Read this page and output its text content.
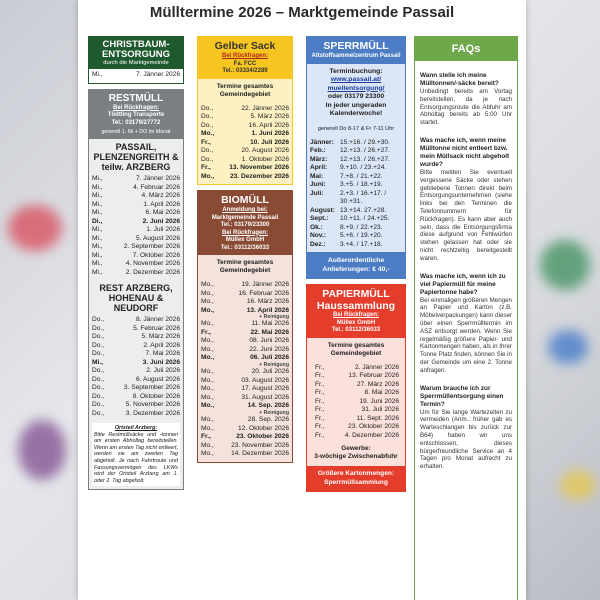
Mülltermine 2026 – Marktgemeinde Passail
CHRISTBAUM-
ENTSORGUNG
durch die Marktgemeinde
Mi.,	7. Jänner 2026
RESTMÜLL
Bei Rückfragen:
Tödtling Transporte
Tel.: 03179/27772
generell 1. Mi + DO im Monat
PASSAIL, PLENZENGREITH & teilw. ARZBERG
Mi.,	7. Jänner 2026
Mi.,	4. Februar 2026
Mi.,	4. März 2026
Mi.,	1. April 2026
Mi.,	6. Mai 2026
Di.,	2. Juni 2026
Mi.,	1. Juli 2026
Mi.,	5. August 2026
Mi.,	2. September 2026
Mi.,	7. Oktober 2026
Mi.,	4. November 2026
Mi.,	2. Dezember 2026
REST ARZBERG, HOHENAU & NEUDORF
Do.,	8. Jänner 2026
Do.,	5. Februar 2026
Do.,	5. März 2026
Do.,	2. April 2026
Do.,	7. Mai 2026
Mi.,	3. Juni 2026
Do.,	2. Juli 2026
Do.,	6. August 2026
Do.,	3. September 2026
Do.,	8. Oktober 2026
Do.,	5. November 2026
Do.,	3. Dezember 2026
Ortsteil Arzberg:
Bitte Restmüllsäcke und -tonnen am ersten Abholtag bereitstellen. Wenn am ersten Tag nicht entleert, werden sie am zweiten Tag abgeholt. Je nach Fahrtroute und Fassungsvermögen des LKWs wird der Ortsteil Arzberg am 1. oder 2. Tag abgeholt.
Gelber Sack
Bei Rückfragen:
Fa. FCC
Tel.: 03334/2289
Termine gesamtes Gemeindegebiet
Do.,	22. Jänner 2026
Do.,	5. März 2026
Do.,	16. April 2026
Mo.,	1. Juni 2026
Fr.,	10. Juli 2026
Do.,	20. August 2026
Do.,	1. Oktober 2026
Fr.,	13. November 2026
Mo., 23. Dezember 2026
BIOMÜLL
Anmeldung bei:
Marktgemeinde Passail
Tel.: 03179/23300
Bei Rückfragen:
Müllex GmbH
Tel.: 03112/36033
Termine gesamtes Gemeindegebiet
Mo.,	19. Jänner 2026
Mo.,	16. Februar 2026
Mo.,	16. März 2026
Mo.,	13. April 2026
+ Reinigung
Mo.,	11. Mai 2026
Fr.,	22. Mai 2026
Mo.,	08. Juni 2026
Mo.,	22. Juni 2026
Mo.,	06. Juli 2026
+ Reinigung
Mo.,	20. Juli 2026
Mo.,	03. August 2026
Mo.,	17. August 2026
Mo.,	31. August 2026
Mo.,	14. Sep. 2026
+ Reinigung
Mo.,	28. Sep. 2026
Mo.,	12. Oktober 2026
Fr.,	23. Oktober 2026
Mo.,	23. November 2026
Mo.,	14. Dezember 2026
SPERRMÜLL
Altstoffsammelzentrum Passail
Terminbuchung:
www.passail.at/
muellentsorgung/
oder 03179 23300
In jeder ungeraden Kalenderwoche!
generell Do 8-17 & Fr 7-11 Uhr
Jänner: 15.+16. / 29.+30.
Feb.:	12.+13. / 26.+27.
März:	12.+13. / 26.+27.
April:	9.+10. / 23.+24.
Mai:	7.+8. / 21.+22.
Juni:	3.+5. / 18.+19.
Juli:	2.+3. / 16.+17. / 30.+31.
August: 13.+14. 27.+28.
Sept.:	10.+11. / 24.+25.
Ok.:	8.+9. / 22.+23.
Nov.:	5.+6. / 19.+20.
Dez.:	3.+4. / 17.+18.
Außerordentliche Anlieferungen: € 40,-
PAPIERMÜLL
Haussammlung
Bei Rückfragen:
Müllex GmbH
Tel.: 03112/36033
Termine gesamtes Gemeindegebiet
Fr.,	2. Jänner 2026
Fr.,	13. Februar 2026
Fr.,	27. März 2026
Fr.,	8. Mai 2026
Fr.,	19. Juni 2026
Fr.,	31. Juli 2026
Fr.,	11. Sept. 2026
Fr.,	23. Oktober 2026
Fr.,	4. Dezember 2026
Gewerbe:
3-wöchige Zwischenabfuhr
Größere Kartonmengen: Sperrmüllsammlung
FAQs
Wann stelle ich meine Mülltonnen/-säcke bereit?
Unbedingt bereits am Vortag bereitstellen, da je nach Entsorgungsroute die Abfuhr am Abholtag bereits ab 5:00 Uhr startet.
Was mache ich, wenn meine Mülltonne nicht entleert bzw. mein Müllsack nicht abgeholt wurde?
Bitte melden Sie eventuell vergessene Säcke oder stehen gebliebene Tonnen direkt beim Entsorgungsunternehmen (siehe links bei den Terminen die Telefonnummern für Rückfragen). Es kann aber auch sein, dass die Entsorgungsfirma diese aufgrund von Fehlwürfen stehen gelassen hat oder sie nicht rechtzeitig bereitgestellt waren.
Was mache ich, wenn ich zu viel Papiermüll für meine Papiertonne habe?
Bei einmaligen größeren Mengen an Papier und Karton (z.B. Möbelverpackungen) kann dieser über einen Sperrmülltermin im ASZ entsorgt werden. Wenn Sie regelmäßig größere Papier- und Kartonmengen haben, als in Ihrer Tonne Platz finden, können Sie in der Gemeinde um eine 2. Tonne anfragen.
Warum brauche ich zur Sperrmüllentsorgung einen Termin?
Um für Sie lange Wartezeiten zu vermeiden (Anm.: früher gab es Warteschlangen bis zurück zur B64) haben wir uns entschlossen, dieses bürgerfreundliche Service an 4 Tagen pro Monat aufrecht zu erhalten.
